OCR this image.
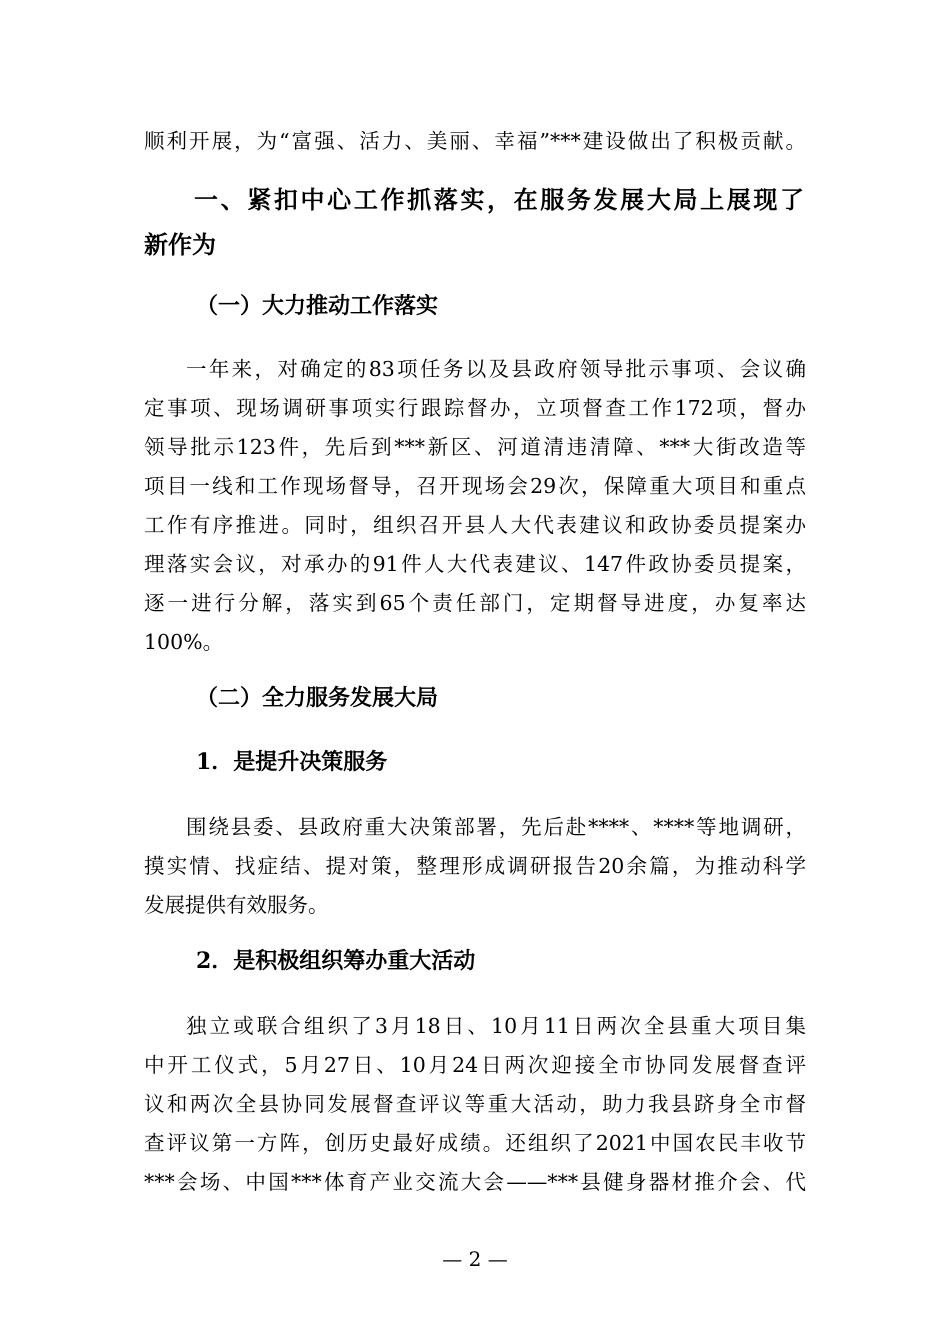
顺利开展，为“富强、活力、美丽、幸福”***建设做出了积极贡献。
一、紧扣中心工作抓落实，在服务发展大局上展现了
新作为
（一）大力推动工作落实
一年来，对确定的83项任务以及县政府领导批示事项、会议确
定事项、现场调研事项实行跟踪督办，立项督查工作172项，督办
领导批示123件，先后到***新区、河道清违清障、***大街改造等
项目一线和工作现场督导，召开现场会29次，保障重大项目和重点
工作有序推进。同时，组织召开县人大代表建议和政协委员提案办
理落实会议，对承办的91件人大代表建议、147件政协委员提案，
逐一进行分解，落实到65个责任部门，定期督导进度，办复率达
100%。
（二）全力服务发展大局
1．是提升决策服务
围绕县委、县政府重大决策部署，先后赴****、****等地调研，
摸实情、找症结、提对策，整理形成调研报告20余篇，为推动科学
发展提供有效服务。
2．是积极组织筹办重大活动
独立或联合组织了3月18日、10月11日两次全县重大项目集
中开工仪式，5月27日、10月24日两次迎接全市协同发展督查评
议和两次全县协同发展督查评议等重大活动，助力我县跻身全市督
查评议第一方阵，创历史最好成绩。还组织了2021中国农民丰收节
***会场、中国***体育产业交流大会——***县健身器材推介会、代
— 2 —
